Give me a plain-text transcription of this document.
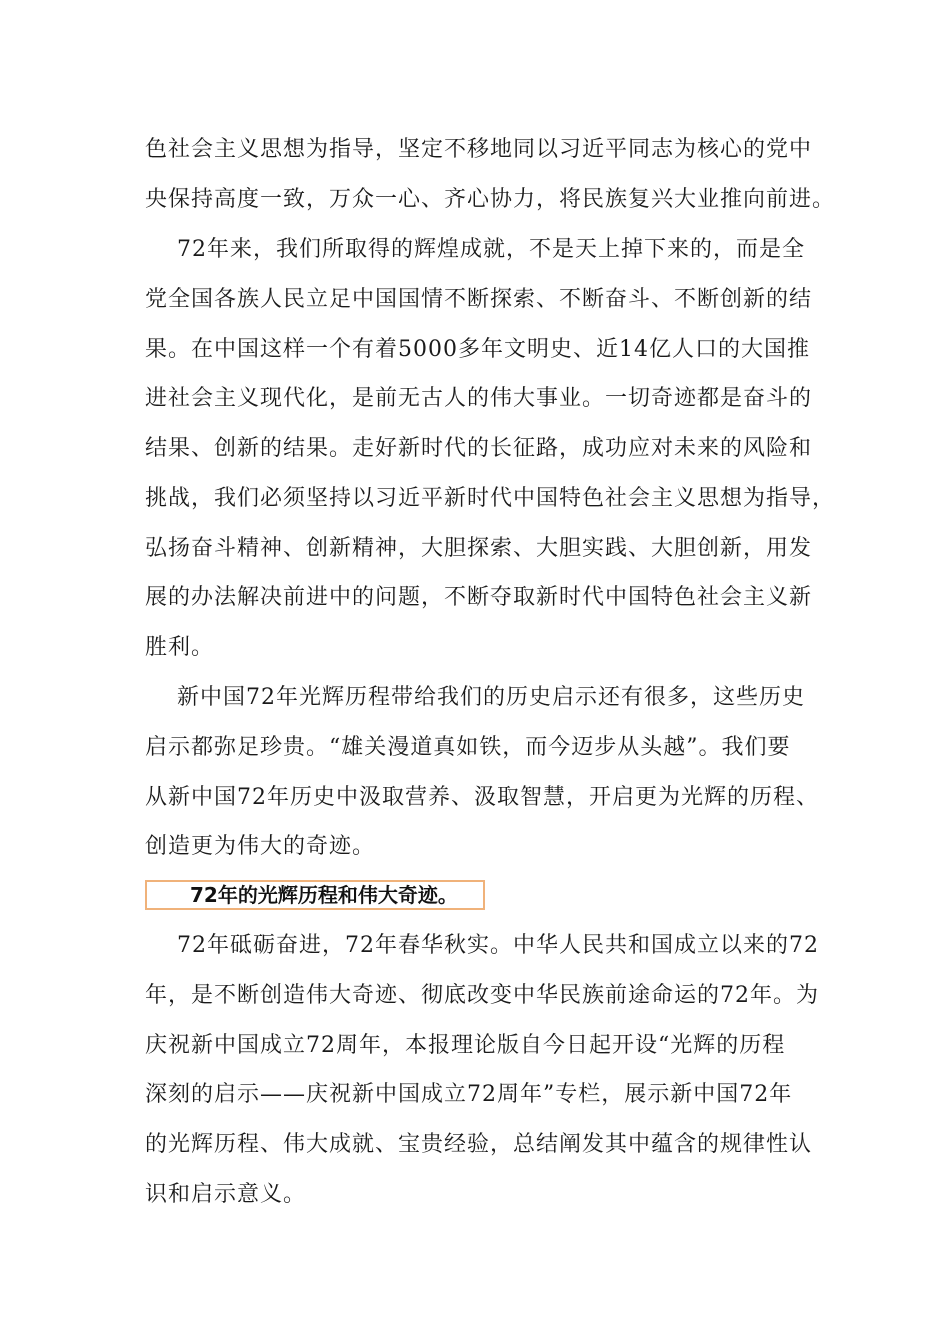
色社会主义思想为指导，坚定不移地同以习近平同志为核心的党中
央保持高度一致，万众一心、齐心协力，将民族复兴大业推向前进。
72年来，我们所取得的辉煌成就，不是天上掉下来的，而是全
党全国各族人民立足中国国情不断探索、不断奋斗、不断创新的结
果。在中国这样一个有着5000多年文明史、近14亿人口的大国推
进社会主义现代化，是前无古人的伟大事业。一切奇迹都是奋斗的
结果、创新的结果。走好新时代的长征路，成功应对未来的风险和
挑战，我们必须坚持以习近平新时代中国特色社会主义思想为指导，
弘扬奋斗精神、创新精神，大胆探索、大胆实践、大胆创新，用发
展的办法解决前进中的问题，不断夺取新时代中国特色社会主义新
胜利。
新中国72年光辉历程带给我们的历史启示还有很多，这些历史
启示都弥足珍贵。“雄关漫道真如铁，而今迈步从头越”。我们要
从新中国72年历史中汲取营养、汲取智慧，开启更为光辉的历程、
创造更为伟大的奇迹。
72年的光辉历程和伟大奇迹。
72年砥砺奋进，72年春华秋实。中华人民共和国成立以来的72
年，是不断创造伟大奇迹、彻底改变中华民族前途命运的72年。为
庆祝新中国成立72周年，本报理论版自今日起开设“光辉的历程
深刻的启示——庆祝新中国成立72周年”专栏，展示新中国72年
的光辉历程、伟大成就、宝贵经验，总结阐发其中蕴含的规律性认
识和启示意义。
